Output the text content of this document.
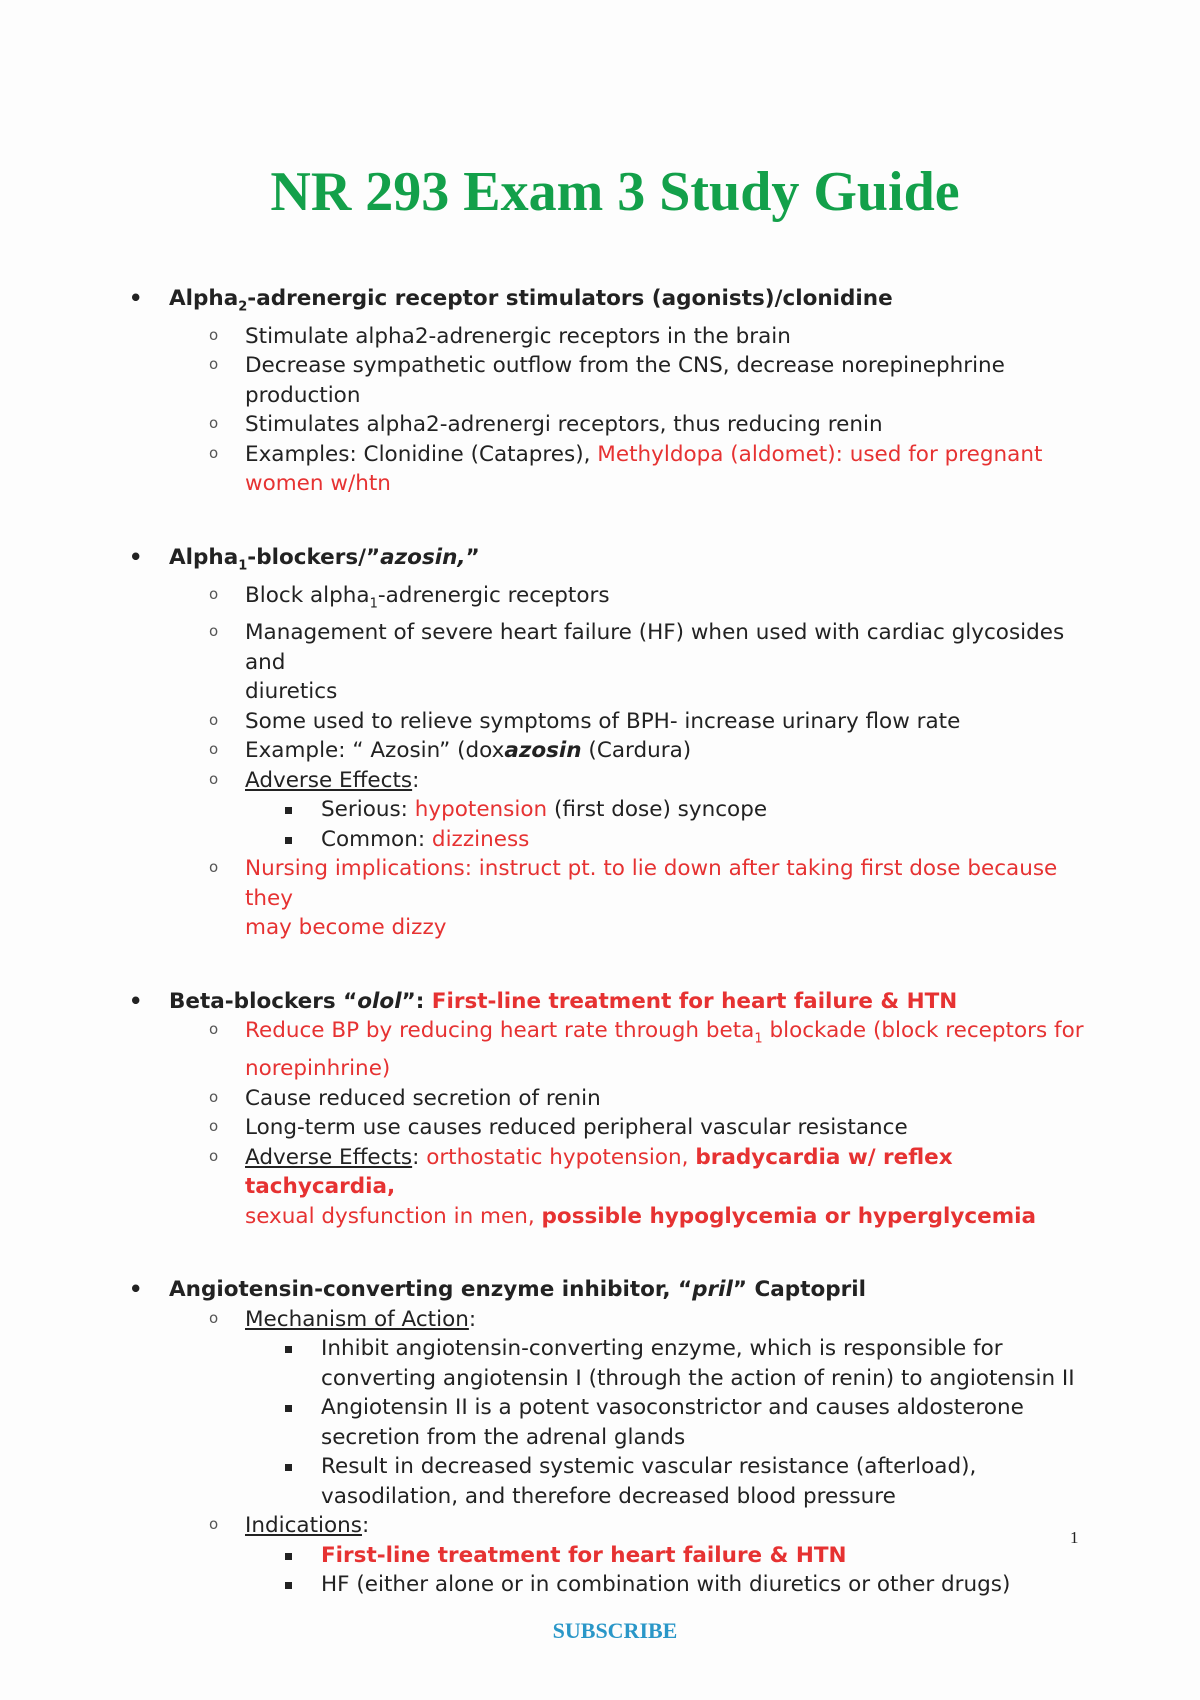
NR 293 Exam 3 Study Guide
• Alpha$_2$-adrenergic receptor stimulators (agonists)/clonidine
o Stimulate alpha2-adrenergic receptors in the brain
o Decrease sympathetic outflow from the CNS, decrease norepinephrine
production
o Stimulates alpha2-adrenergi receptors, thus reducing renin
o Examples: Clonidine (Catapres), Methyldopa (aldomet): used for pregnant
women w/htn
• Alpha$_1$-blockers/”azosin,”
o Block alpha$_1$-adrenergic receptors
o Management of severe heart failure (HF) when used with cardiac glycosides and
diuretics
o Some used to relieve symptoms of BPH- increase urinary flow rate
o Example: “ Azosin” (doxazosin (Cardura)
o Adverse Effects:
Serious: hypotension (first dose) syncope
Common: dizziness
o Nursing implications: instruct pt. to lie down after taking first dose because they
may become dizzy
• Beta-blockers “olol”: First-line treatment for heart failure & HTN
o Reduce BP by reducing heart rate through beta$_1$ blockade (block receptors for
norepinhrine)
o Cause reduced secretion of renin
o Long-term use causes reduced peripheral vascular resistance
o Adverse Effects: orthostatic hypotension, bradycardia w/ reflex tachycardia,
sexual dysfunction in men, possible hypoglycemia or hyperglycemia
• Angiotensin-converting enzyme inhibitor, “pril” Captopril
o Mechanism of Action:
Inhibit angiotensin-converting enzyme, which is responsible for
converting angiotensin I (through the action of renin) to angiotensin II
Angiotensin II is a potent vasoconstrictor and causes aldosterone
secretion from the adrenal glands
Result in decreased systemic vascular resistance (afterload),
vasodilation, and therefore decreased blood pressure
o Indications:
First-line treatment for heart failure & HTN
HF (either alone or in combination with diuretics or other drugs)
1
SUBSCRIBE
